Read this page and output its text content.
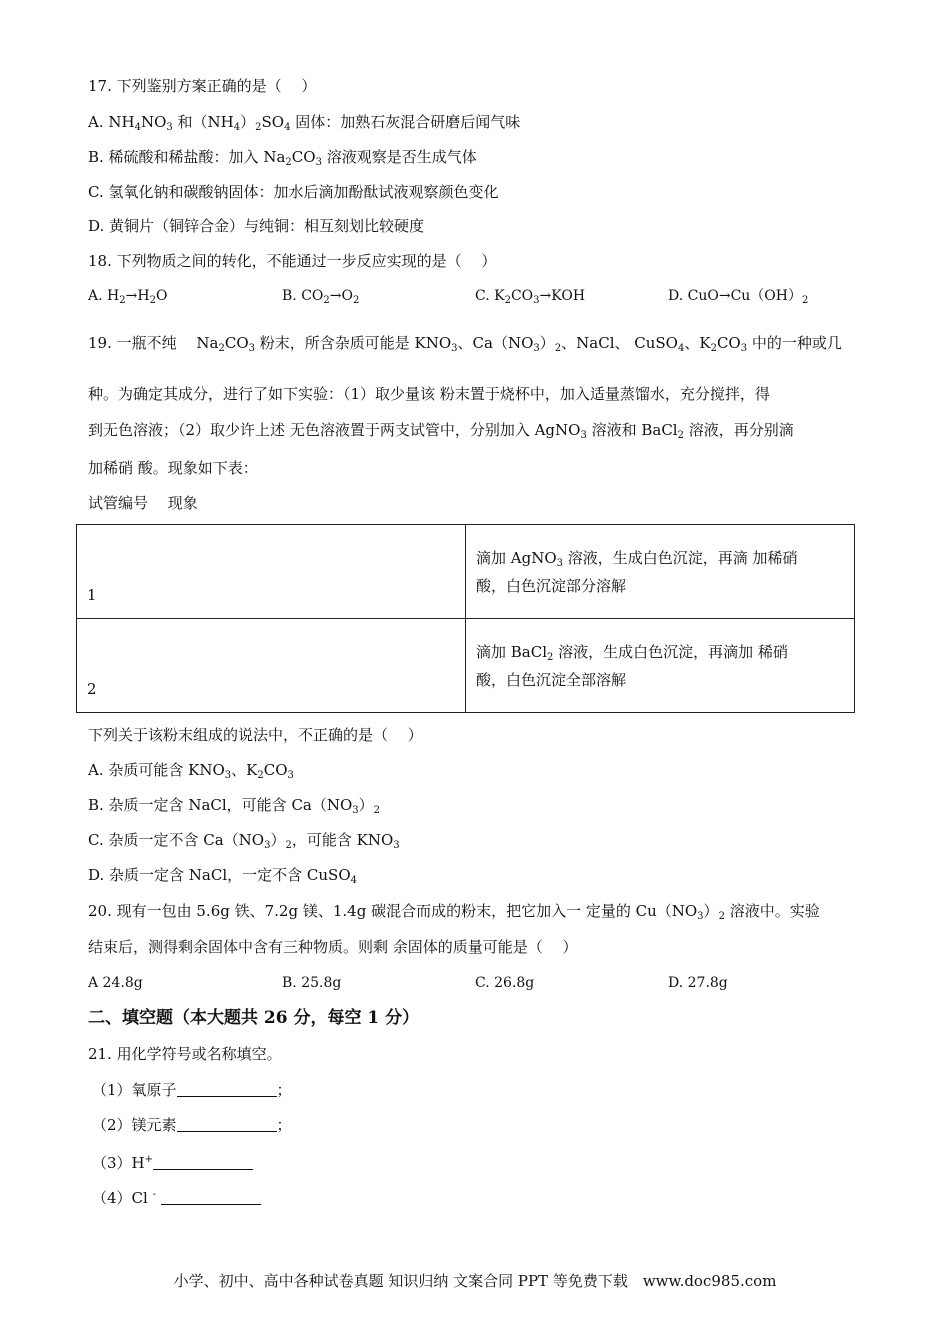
17. 下列鉴别方案正确的是（　 ）
A. $NH_4NO_3$ 和$(NH_4)_2SO_4$ 固体：加熟石灰混合研磨后闻气味
B. 稀硫酸和稀盐酸：加入 $Na_2CO_3$ 溶液观察是否生成气体
C. 氢氧化钠和碳酸钠固体：加水后滴加酚酞试液观察颜色变化
D. 黄铜片（铜锌合金）与纯铜：相互刻划比较硬度
18. 下列物质之间的转化，不能通过一步反应实现的是（　 ）
A. $H_2\to H_2O$	B. $CO_2\to O_2$	C. $K_2CO_3\to KOH$	D. $CuO\to Cu(OH)_2$
19. 一瓶不纯　 $Na_2CO_3$ 粉末，所含杂质可能是 $KNO_3$、$Ca(NO_3)_2$、NaCl、 CuSO$_4$、$K_2CO_3$ 中的一种或几
种。为确定其成分，进行了如下实验：（1）取少量该 粉末置于烧杯中，加入适量蒸馏水，充分搅拌，得
到无色溶液；（2）取少许上述 无色溶液置于两支试管中，分别加入 AgNO$_3$ 溶液和 BaCl$_2$ 溶液，再分别滴
加稀硝 酸。现象如下表：
试管编号　 现象
1	滴加 AgNO$_3$ 溶液，生成白色沉淀，再滴 加稀硝
酸，白色沉淀部分溶解
2	滴加 BaCl$_2$ 溶液，生成白色沉淀，再滴加 稀硝
酸，白色沉淀全部溶解
下列关于该粉末组成的说法中，不正确的是（　 ）
A. 杂质可能含 $KNO_3$、$K_2CO_3$
B. 杂质一定含 NaCl，可能含 $Ca(NO_3)_2$
C. 杂质一定不含 $Ca(NO_3)_2$，可能含 $KNO_3$
D. 杂质一定含 NaCl，一定不含 CuSO$_4$
20. 现有一包由 5.6g 铁、7.2g 镁、1.4g 碳混合而成的粉末，把它加入一 定量的 $Cu(NO_3)_2$ 溶液中。实验
结束后，测得剩余固体中含有三种物质。则剩 余固体的质量可能是（　 ）
A 24.8g	B. 25.8g	C. 26.8g	D. 27.8g
二、填空题（本大题共 26 分，每空 1 分）
21. 用化学符号或名称填空。
（1）氧原子	；
（2）镁元素	；
（3）H+
（4）Cl -
小学、初中、高中各种试卷真题 知识归纳 文案合同 PPT 等免费下载　www.doc985.com
